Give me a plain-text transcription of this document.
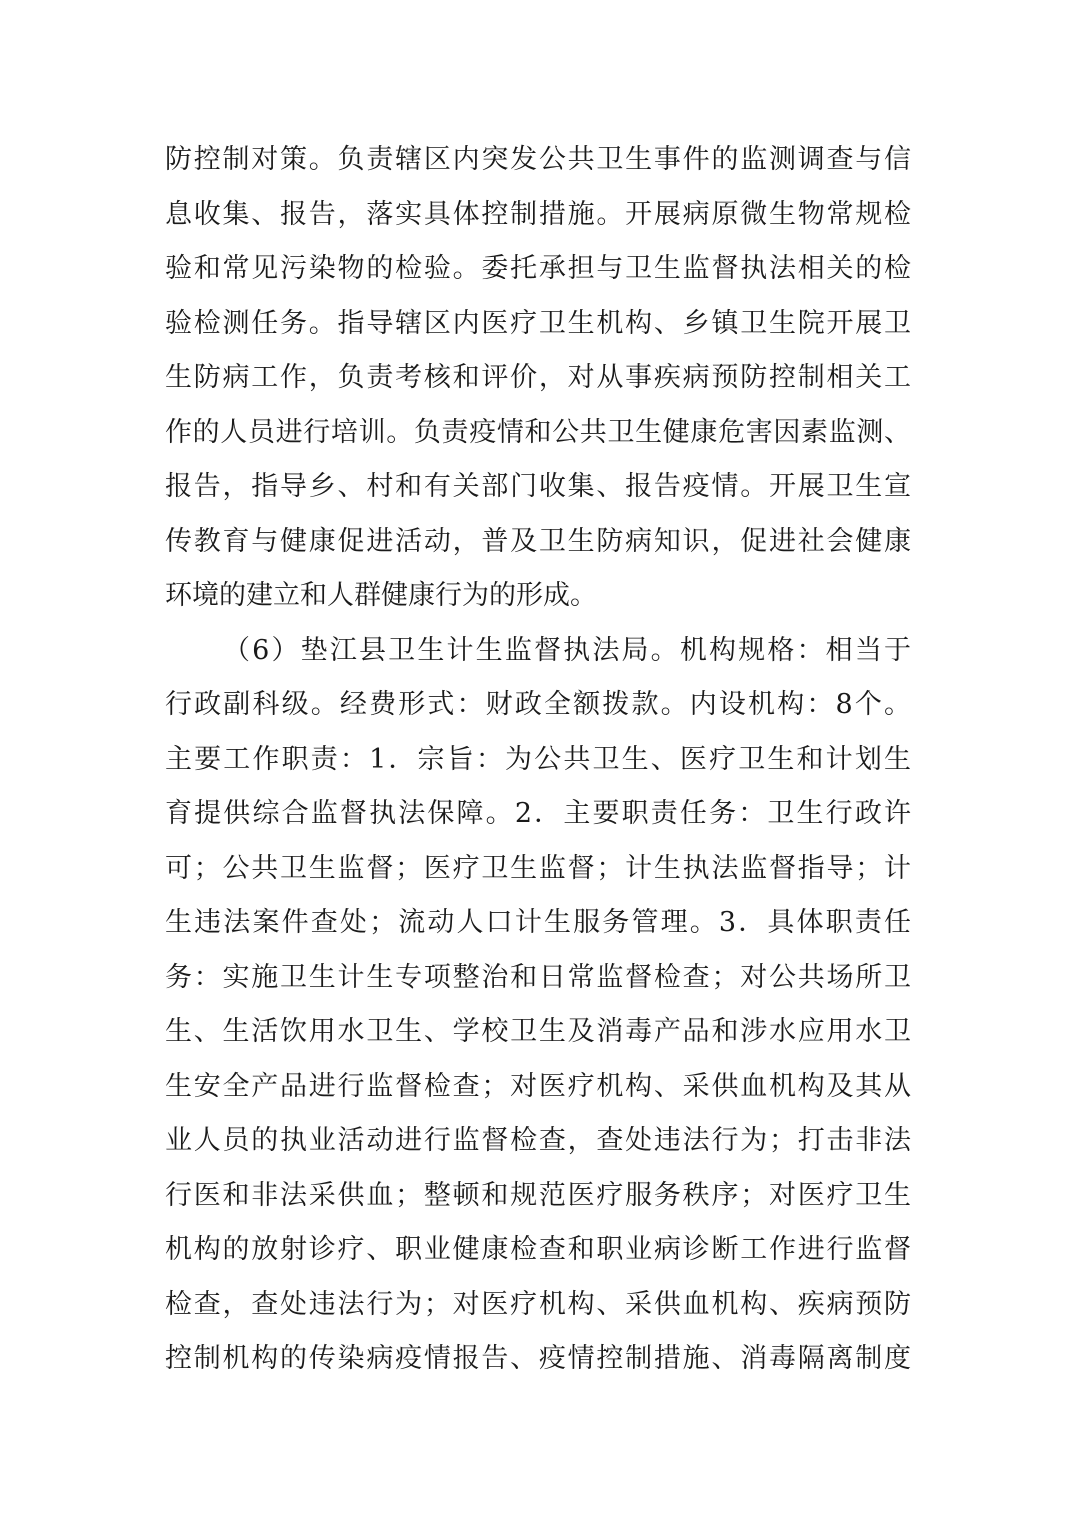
防控制对策。负责辖区内突发公共卫生事件的监测调查与信
息收集、报告，落实具体控制措施。开展病原微生物常规检
验和常见污染物的检验。委托承担与卫生监督执法相关的检
验检测任务。指导辖区内医疗卫生机构、乡镇卫生院开展卫
生防病工作，负责考核和评价，对从事疾病预防控制相关工
作的人员进行培训。负责疫情和公共卫生健康危害因素监测、
报告，指导乡、村和有关部门收集、报告疫情。开展卫生宣
传教育与健康促进活动，普及卫生防病知识，促进社会健康
环境的建立和人群健康行为的形成。
（6）垫江县卫生计生监督执法局。机构规格：相当于
行政副科级。经费形式：财政全额拨款。内设机构：8个。
主要工作职责：1．宗旨：为公共卫生、医疗卫生和计划生
育提供综合监督执法保障。2．主要职责任务：卫生行政许
可；公共卫生监督；医疗卫生监督；计生执法监督指导；计
生违法案件查处；流动人口计生服务管理。3．具体职责任
务：实施卫生计生专项整治和日常监督检查；对公共场所卫
生、生活饮用水卫生、学校卫生及消毒产品和涉水应用水卫
生安全产品进行监督检查；对医疗机构、采供血机构及其从
业人员的执业活动进行监督检查，查处违法行为；打击非法
行医和非法采供血；整顿和规范医疗服务秩序；对医疗卫生
机构的放射诊疗、职业健康检查和职业病诊断工作进行监督
检查，查处违法行为；对医疗机构、采供血机构、疾病预防
控制机构的传染病疫情报告、疫情控制措施、消毒隔离制度
